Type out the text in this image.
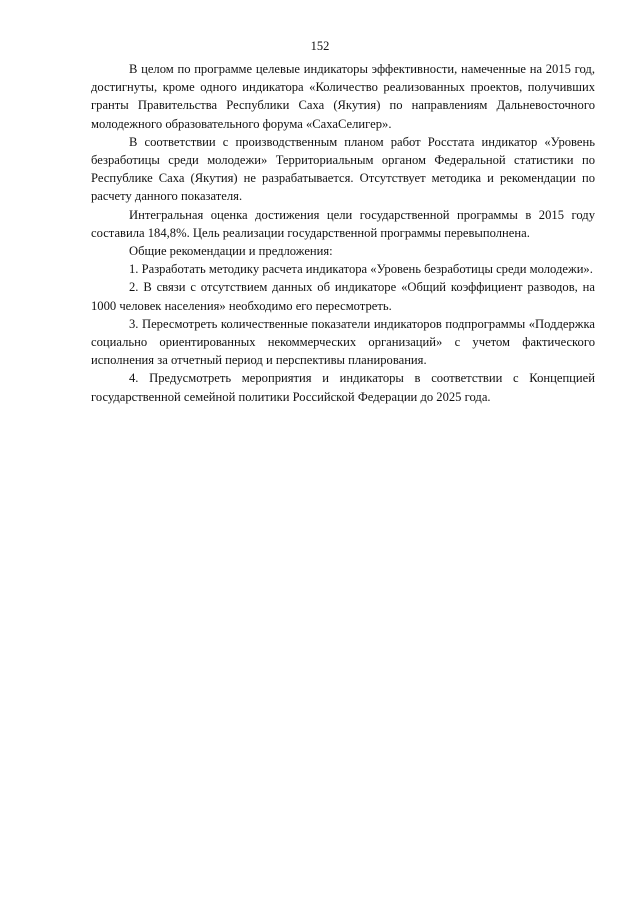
152

В целом по программе целевые индикаторы эффективности, намеченные на 2015 год, достигнуты, кроме одного индикатора «Количество реализованных проектов, получивших гранты Правительства Республики Саха (Якутия) по направлениям Дальневосточного молодежного образовательного форума «СахаСелигер».

В соответствии с производственным планом работ Росстата индикатор «Уровень безработицы среди молодежи» Территориальным органом Федеральной статистики по Республике Саха (Якутия) не разрабатывается. Отсутствует методика и рекомендации по расчету данного показателя.

Интегральная оценка достижения цели государственной программы в 2015 году составила 184,8%. Цель реализации государственной программы перевыполнена.

Общие рекомендации и предложения:

1. Разработать методику расчета индикатора «Уровень безработицы среди молодежи».

2. В связи с отсутствием данных об индикаторе «Общий коэффициент разводов, на 1000 человек населения» необходимо его пересмотреть.

3. Пересмотреть количественные показатели индикаторов подпрограммы «Поддержка социально ориентированных некоммерческих организаций» с учетом фактического исполнения за отчетный период и перспективы планирования.

4. Предусмотреть мероприятия и индикаторы в соответствии с Концепцией государственной семейной политики Российской Федерации до 2025 года.
